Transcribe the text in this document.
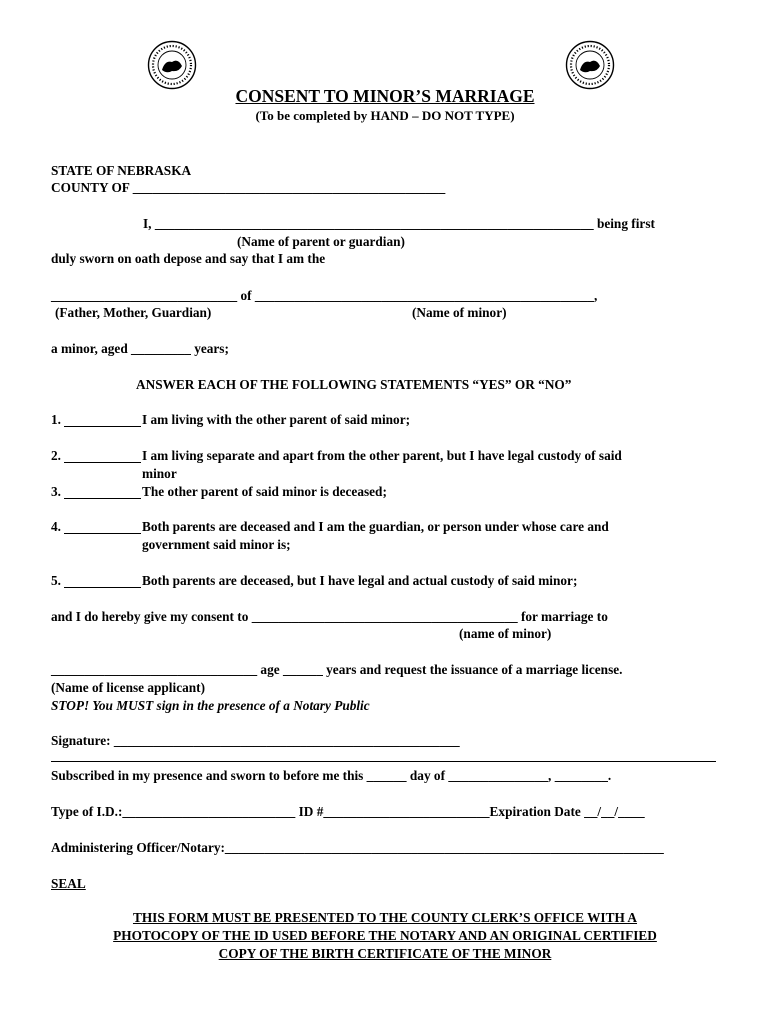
CONSENT TO MINOR’S MARRIAGE
(To be completed by HAND – DO NOT TYPE)
STATE OF NEBRASKA
COUNTY OF _______________________________________________
I, __________________________________________________________________ being first
(Name of parent or guardian)
duly sworn on oath depose and say that I am the
____________________________ of ___________________________________________________,
(Father, Mother, Guardian)	(Name of minor)
a minor, aged _________ years;
ANSWER EACH OF THE FOLLOWING STATEMENTS “YES” OR “NO”
1.	I am living with the other parent of said minor;
2.	I am living separate and apart from the other parent, but I have legal custody of said
minor
3.	The other parent of said minor is deceased;
4.	Both parents are deceased and I am the guardian, or person under whose care and
government said minor is;
5.	Both parents are deceased, but I have legal and actual custody of said minor;
and I do hereby give my consent to ________________________________________ for marriage to
(name of minor)
_______________________________ age ______ years and request the issuance of a marriage license.
(Name of license applicant)
STOP! You MUST sign in the presence of a Notary Public
Signature: ____________________________________________________
Subscribed in my presence and sworn to before me this ______ day of _______________, ________.
Type of I.D.:__________________________ ID #_________________________Expiration Date __/__/____
Administering Officer/Notary:__________________________________________________________________
SEAL
THIS FORM MUST BE PRESENTED TO THE COUNTY CLERK’S OFFICE WITH A
PHOTOCOPY OF THE ID USED BEFORE THE NOTARY AND AN ORIGINAL CERTIFIED
COPY OF THE BIRTH CERTIFICATE OF THE MINOR
